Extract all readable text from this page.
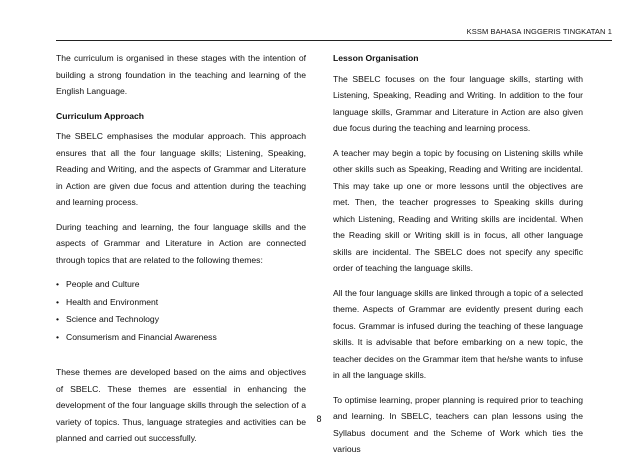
KSSM BAHASA INGGERIS TINGKATAN 1

The curriculum is organised in these stages with the intention of building a strong foundation in the teaching and learning of the English Language.

Curriculum Approach

The SBELC emphasises the modular approach. This approach ensures that all the four language skills; Listening, Speaking, Reading and Writing, and the aspects of Grammar and Literature in Action are given due focus and attention during the teaching and learning process.

During teaching and learning, the four language skills and the aspects of Grammar and Literature in Action are connected through topics that are related to the following themes:

• People and Culture
• Health and Environment
• Science and Technology
• Consumerism and Financial Awareness

These themes are developed based on the aims and objectives of SBELC. These themes are essential in enhancing the development of the four language skills through the selection of a variety of topics. Thus, language strategies and activities can be planned and carried out successfully.

Lesson Organisation

The SBELC focuses on the four language skills, starting with Listening, Speaking, Reading and Writing. In addition to the four language skills, Grammar and Literature in Action are also given due focus during the teaching and learning process.

A teacher may begin a topic by focusing on Listening skills while other skills such as Speaking, Reading and Writing are incidental. This may take up one or more lessons until the objectives are met. Then, the teacher progresses to Speaking skills during which Listening, Reading and Writing skills are incidental. When the Reading skill or Writing skill is in focus, all other language skills are incidental. The SBELC does not specify any specific order of teaching the language skills.

All the four language skills are linked through a topic of a selected theme. Aspects of Grammar are evidently present during each focus. Grammar is infused during the teaching of these language skills. It is advisable that before embarking on a new topic, the teacher decides on the Grammar item that he/she wants to infuse in all the language skills.

To optimise learning, proper planning is required prior to teaching and learning. In SBELC, teachers can plan lessons using the Syllabus document and the Scheme of Work which ties the various

8
